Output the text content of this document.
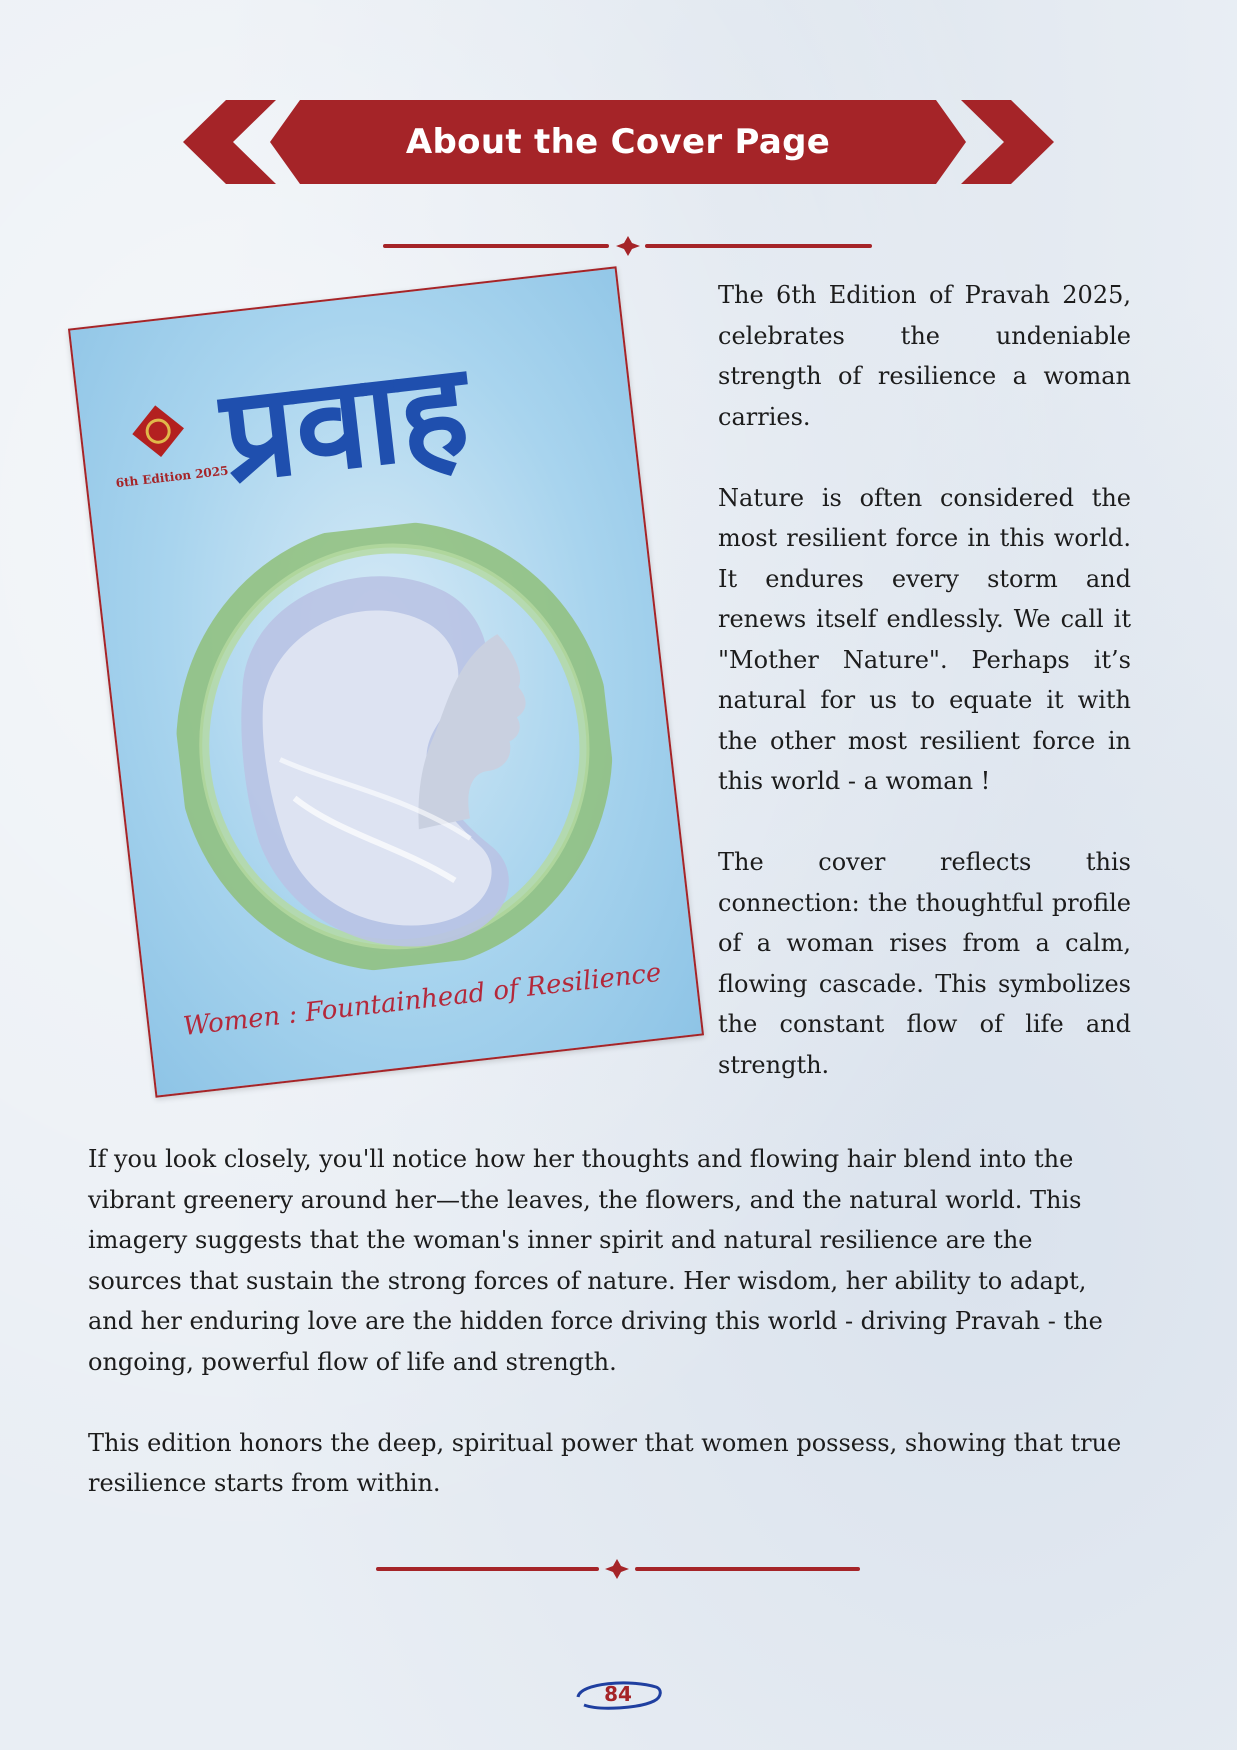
About the Cover Page
6th Edition 2025
प्रवाह
Women : Fountainhead of Resilience

The 6th Edition of Pravah 2025, celebrates the undeniable strength of resilience a woman carries.

Nature is often considered the most resilient force in this world. It endures every storm and renews itself endlessly. We call it "Mother Nature". Perhaps it’s natural for us to equate it with the other most resilient force in this world - a woman !

The cover reflects this connection: the thoughtful profile of a woman rises from a calm, flowing cascade. This symbolizes the constant flow of life and strength.

If you look closely, you'll notice how her thoughts and flowing hair blend into the vibrant greenery around her—the leaves, the flowers, and the natural world. This imagery suggests that the woman's inner spirit and natural resilience are the sources that sustain the strong forces of nature. Her wisdom, her ability to adapt, and her enduring love are the hidden force driving this world - driving Pravah - the ongoing, powerful flow of life and strength.

This edition honors the deep, spiritual power that women possess, showing that true resilience starts from within.

84
